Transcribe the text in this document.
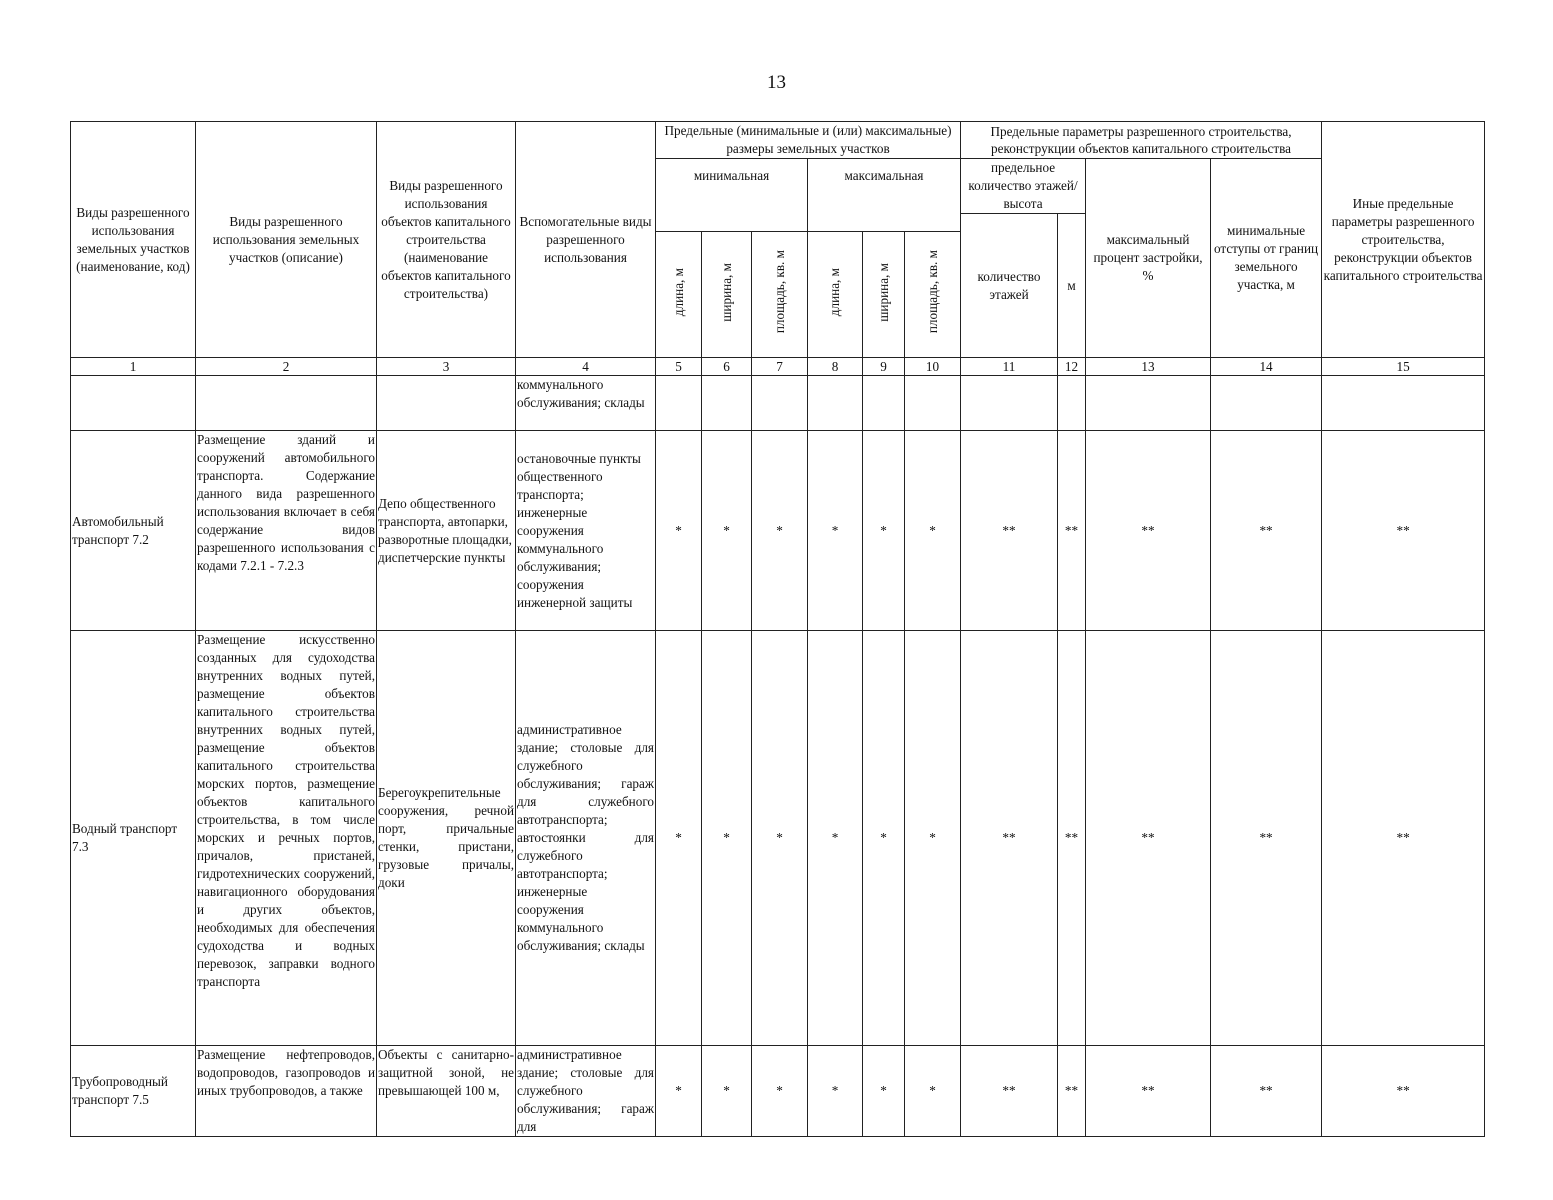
13
Виды разрешенного использования земельных участков (наименование, код)	Виды разрешенного использования земельных участков (описание)	Виды разрешенного использования объектов капитального строительства (наименование объектов капитального строительства)	Вспомогательные виды разрешенного использования	Предельные (минимальные и (или) максимальные) размеры земельных участков						Предельные параметры разрешенного строительства, реконструкции объектов капитального строительства				Иные предельные параметры разрешенного строительства, реконструкции объектов капитального строительства
				минимальная			максимальная			предельное количество этажей/высота		максимальный процент застройки, %	минимальные отступы от границ земельного участка, м	
										количество этажей	м			
				длина, м	ширина, м	площадь, кв. м	длина, м	ширина, м	площадь, кв. м					
1	2	3	4	5	6	7	8	9	10	11	12	13	14	15
			коммунального обслуживания; склады											
Автомобильный транспорт 7.2	Размещение зданий и сооружений автомобильного транспорта. Содержание данного вида разрешенного использования включает в себя содержание видов разрешенного использования с кодами 7.2.1 - 7.2.3	Депо общественного транспорта, автопарки, разворотные площадки, диспетчерские пункты	остановочные пункты общественного транспорта; инженерные сооружения коммунального обслуживания; сооружения инженерной защиты	*	*	*	*	*	*	**	**	**	**	**
Водный транспорт 7.3	Размещение искусственно созданных для судоходства внутренних водных путей, размещение объектов капитального строительства внутренних водных путей, размещение объектов капитального строительства морских портов, размещение объектов капитального строительства, в том числе морских и речных портов, причалов, пристаней, гидротехнических сооружений, навигационного оборудования и других объектов, необходимых для обеспечения судоходства и водных перевозок, заправки водного транспорта	Берегоукрепительные сооружения, речной порт, причальные стенки, пристани, грузовые причалы, доки	административное здание; столовые для служебного обслуживания; гараж для служебного автотранспорта; автостоянки для служебного автотранспорта; инженерные сооружения коммунального обслуживания; склады	*	*	*	*	*	*	**	**	**	**	**
Трубопроводный транспорт 7.5	Размещение нефтепроводов, водопроводов, газопроводов и иных трубопроводов, а также	Объекты с санитарно-защитной зоной, не превышающей 100 м,	административное здание; столовые для служебного обслуживания; гараж для	*	*	*	*	*	*	**	**	**	**	**
